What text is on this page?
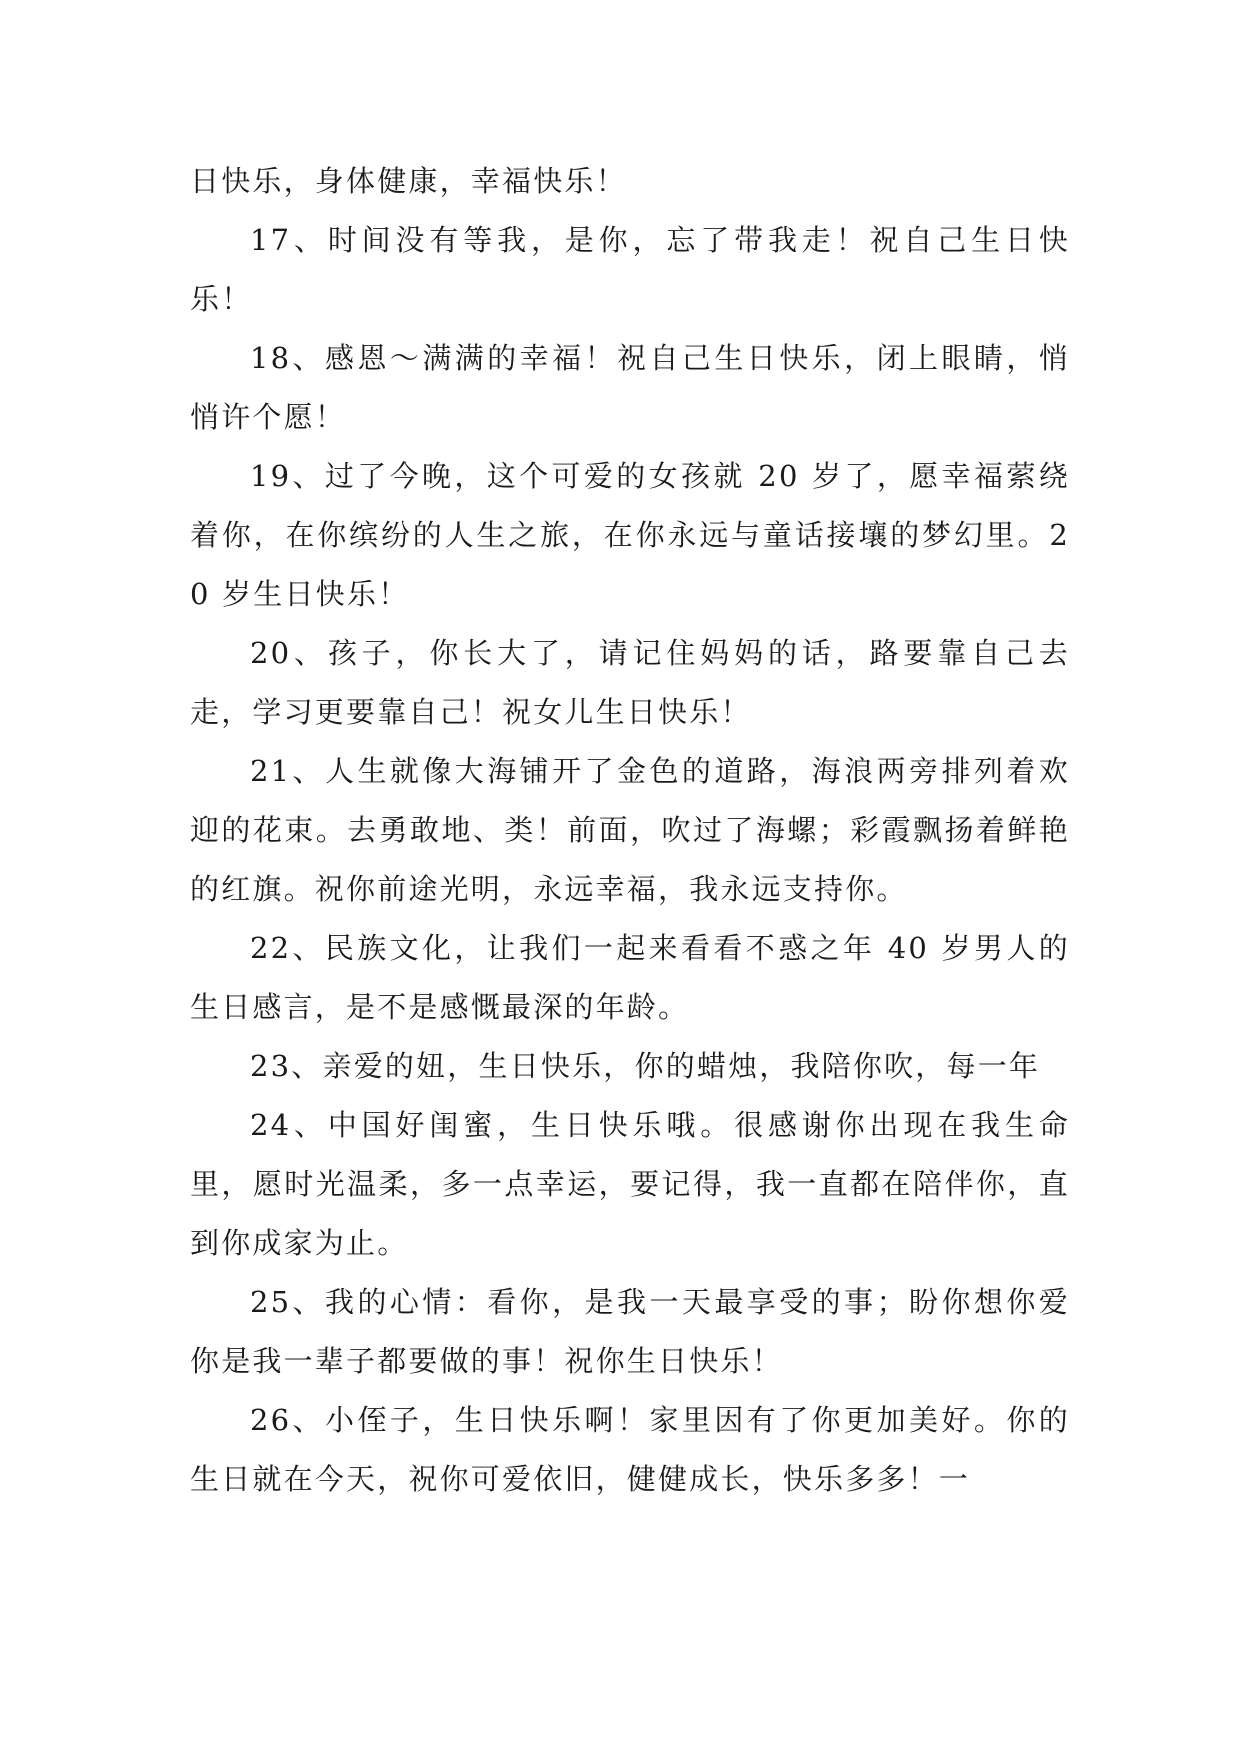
日快乐，身体健康，幸福快乐！

17、时间没有等我，是你，忘了带我走！祝自己生日快乐！

18、感恩～满满的幸福！祝自己生日快乐，闭上眼睛，悄悄许个愿！

19、过了今晚，这个可爱的女孩就 20 岁了，愿幸福萦绕着你，在你缤纷的人生之旅，在你永远与童话接壤的梦幻里。20 岁生日快乐！

20、孩子，你长大了，请记住妈妈的话，路要靠自己去走，学习更要靠自己！祝女儿生日快乐！

21、人生就像大海铺开了金色的道路，海浪两旁排列着欢迎的花束。去勇敢地、类！前面，吹过了海螺；彩霞飘扬着鲜艳的红旗。祝你前途光明，永远幸福，我永远支持你。

22、民族文化，让我们一起来看看不惑之年 40 岁男人的生日感言，是不是感慨最深的年龄。

23、亲爱的妞，生日快乐，你的蜡烛，我陪你吹，每一年

24、中国好闺蜜，生日快乐哦。很感谢你出现在我生命里，愿时光温柔，多一点幸运，要记得，我一直都在陪伴你，直到你成家为止。

25、我的心情：看你，是我一天最享受的事；盼你想你爱你是我一辈子都要做的事！祝你生日快乐！

26、小侄子，生日快乐啊！家里因有了你更加美好。你的生日就在今天，祝你可爱依旧，健健成长，快乐多多！一
